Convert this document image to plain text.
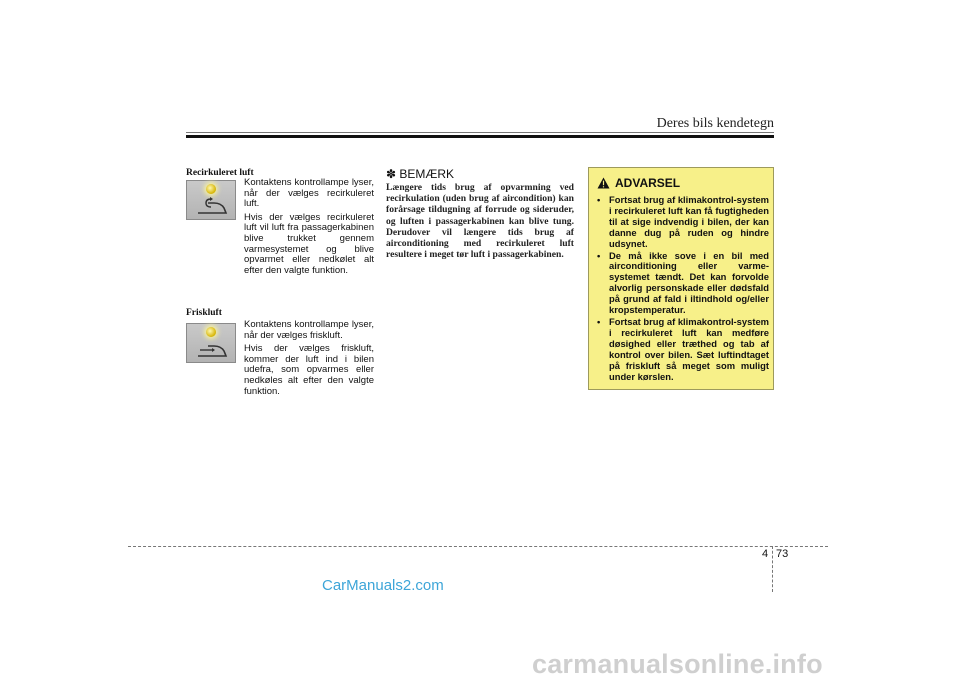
Deres bils kendetegn
Recirkuleret luft

Kontaktens kontrollampe lyser, når der vælges recirkuleret luft.

Hvis der vælges recirkuleret luft vil luft fra passagerkabinen blive trukket gennem varmesystemet og blive opvarmet eller nedkølet alt efter den valgte funktion.

Friskluft

Kontaktens kontrollampe lyser, når der vælges friskluft.

Hvis der vælges friskluft, kommer der luft ind i bilen udefra, som opvarmes eller nedkøles alt efter den valgte funktion.

✽ BEMÆRK
Længere tids brug af opvarmning ved recirkulation (uden brug af aircondition) kan forårsage tildugning af forrude og sideruder, og luften i passagerkabinen kan blive tung. Derudover vil længere tids brug af airconditioning med recirkuleret luft resultere i meget tør luft i passagerkabinen.
ADVARSEL
• Fortsat brug af klimakontrol-system i recirkuleret luft kan få fugtigheden til at sige indvendig i bilen, der kan danne dug på ruden og hindre udsynet.
• De må ikke sove i en bil med airconditioning eller varme-systemet tændt. Det kan forvolde alvorlig personskade eller dødsfald på grund af fald i iltindhold og/eller kropstemperatur.
• Fortsat brug af klimakontrol-system i recirkuleret luft kan medføre døsighed eller træthed og tab af kontrol over bilen. Sæt luftindtaget på friskluft så meget som muligt under kørslen.
4 73
CarManuals2.com
carmanualsonline.info
